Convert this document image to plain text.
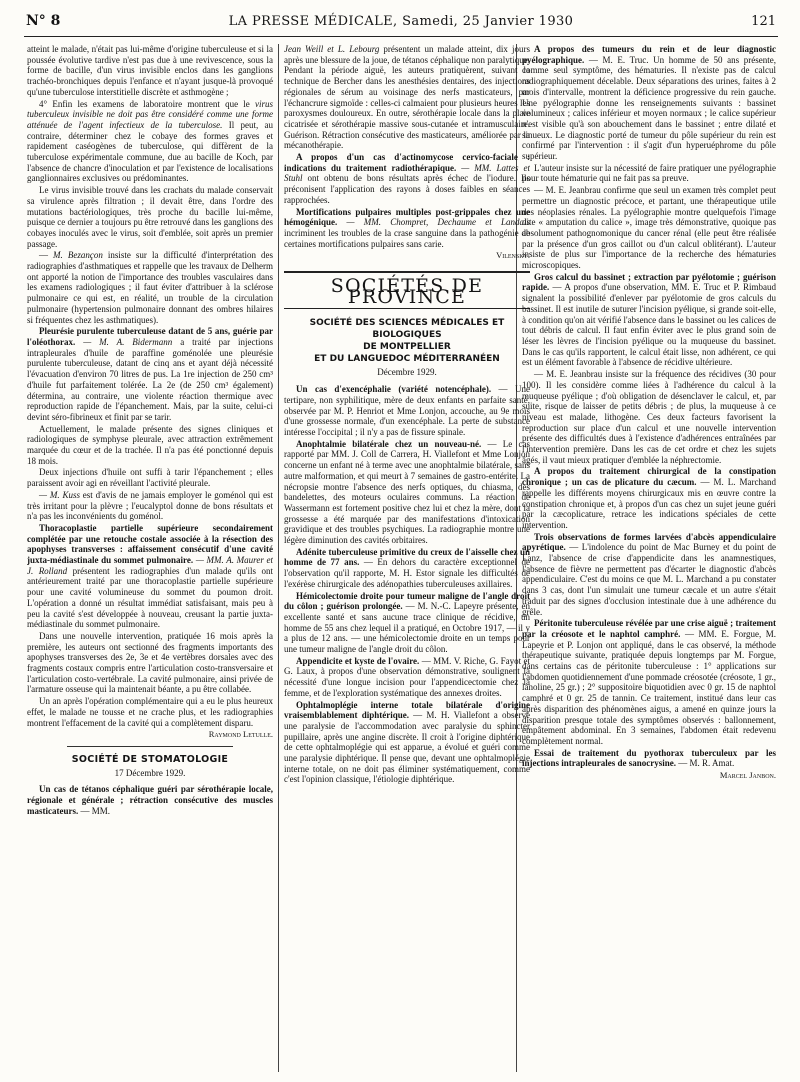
N° 8	LA PRESSE MÉDICALE, Samedi, 25 Janvier 1930	121

atteint le malade, n'était pas lui-même d'origine tuberculeuse et si la poussée évolutive tardive n'est pas due à une revivescence, sous la forme de bacille, d'un virus invisible enclos dans les ganglions trachéo-bronchiques depuis l'enfance et n'ayant jusque-là provoqué qu'une tuberculose interstitielle discrète et asthmogène ;

4° Enfin les examens de laboratoire montrent que le virus tuberculeux invisible ne doit pas être considéré comme une forme atténuée de l'agent infectieux de la tuberculose. Il peut, au contraire, déterminer chez le cobaye des formes graves et rapidement caséogènes de tuberculose, qui diffèrent de la tuberculose expérimentale commune, due au bacille de Koch, par l'absence de chancre d'inoculation et par l'existence de localisations ganglionnaires exclusives ou prédominantes.

Le virus invisible trouvé dans les crachats du malade conservait sa virulence après filtration ; il devait être, dans l'ordre des mutations bactériologiques, très proche du bacille lui-même, puisque ce dernier a toujours pu être retrouvé dans les ganglions des cobayes inoculés avec le virus, soit d'emblée, soit après un premier passage.

— M. Bezançon insiste sur la difficulté d'interprétation des radiographies d'asthmatiques et rappelle que les travaux de Delherm ont apporté la notion de l'importance des troubles vasculaires dans les examens radiologiques ; il faut éviter d'attribuer à la sclérose pulmonaire ce qui est, en réalité, un trouble de la circulation pulmonaire (hypertension pulmonaire donnant des ombres hilaires si fréquentes chez les asthmatiques).

Pleurésie purulente tuberculeuse datant de 5 ans, guérie par l'oléothorax. — M. A. Bidermann a traité par injections intrapleurales d'huile de paraffine goménolée une pleurésie purulente tuberculeuse, datant de cinq ans et ayant déjà nécessité l'évacuation d'environ 70 litres de pus. La 1re injection de 250 cm³ d'huile fut parfaitement tolérée. La 2e (de 250 cm³ également) détermina, au contraire, une violente réaction thermique avec reproduction rapide de l'épanchement. Mais, par la suite, celui-ci devint séro-fibrineux et finit par se tarir.

Actuellement, le malade présente des signes cliniques et radiologiques de symphyse pleurale, avec attraction extrêmement marquée du cœur et de la trachée. Il n'a pas été ponctionné depuis 18 mois.

Deux injections d'huile ont suffi à tarir l'épanchement ; elles paraissent avoir agi en réveillant l'activité pleurale.

— M. Kuss est d'avis de ne jamais employer le goménol qui est très irritant pour la plèvre ; l'eucalyptol donne de bons résultats et n'a pas les inconvénients du goménol.

Thoracoplastie partielle supérieure secondairement complétée par une retouche costale associée à la résection des apophyses transverses : affaissement consécutif d'une cavité juxta-médiastinale du sommet pulmonaire. — MM. A. Maurer et J. Rolland présentent les radiographies d'un malade qu'ils ont antérieurement traité par une thoracoplastie partielle supérieure pour une cavité volumineuse du sommet du poumon droit. L'opération a donné un résultat immédiat satisfaisant, mais peu à peu la cavité s'est développée à nouveau, creusant la partie juxta-médiastinale du sommet pulmonaire.

Dans une nouvelle intervention, pratiquée 16 mois après la première, les auteurs ont sectionné des fragments importants des apophyses transverses des 2e, 3e et 4e vertèbres dorsales avec des fragments costaux compris entre l'articulation costo-transversaire et l'articulation costo-vertébrale. La cavité pulmonaire, ainsi privée de l'armature osseuse qui la maintenait béante, a pu être collabée.

Un an après l'opération complémentaire qui a eu le plus heureux effet, le malade ne tousse et ne crache plus, et les radiographies montrent l'effacement de la cavité qui a complètement disparu.

Raymond Letulle.

SOCIÉTÉ DE STOMATOLOGIE
17 Décembre 1929.

Un cas de tétanos céphalique guéri par sérothérapie locale, régionale et générale ; rétraction consécutive des muscles masticateurs. — MM.

Jean Weill et L. Lebourg présentent un malade atteint, dix jours après une blessure de la joue, de tétanos céphalique non paralytique. Pendant la période aiguë, les auteurs pratiquèrent, suivant la technique de Bercher dans les anesthésies dentaires, des injections régionales de sérum au voisinage des nerfs masticateurs, par l'échancrure sigmoïde : celles-ci calmaient pour plusieurs heures les paroxysmes douloureux. En outre, sérothérapie locale dans la plaie cicatrisée et sérothérapie massive sous-cutanée et intramusculaire. Guérison. Rétraction consécutive des masticateurs, améliorée par la mécanothérapie.

A propos d'un cas d'actinomycose cervico-faciale : indications du traitement radiothérapique. — MM. Lattes et Stuhl ont obtenu de bons résultats après échec de l'iodure. Ils préconisent l'application des rayons à doses faibles en séances rapprochées.

Mortifications pulpaires multiples post-grippales chez une hémogénique. — MM. Chompret, Dechaume et Landais incriminent les troubles de la crase sanguine dans la pathogénie de certaines mortifications pulpaires sans carie.

Vilensky.

SOCIÉTÉS DE PROVINCE
SOCIÉTÉ DES SCIENCES MÉDICALES ET BIOLOGIQUES
DE MONTPELLIER
ET DU LANGUEDOC MÉDITERRANÉEN
Décembre 1929.

Un cas d'exencéphalie (variété notencéphale). — Une tertipare, non syphilitique, mère de deux enfants en parfaite santé, observée par M. P. Henriot et Mme Lonjon, accouche, au 9e mois d'une grossesse normale, d'un exencéphale. La perte de substance intéresse l'occipital ; il n'y a pas de fissure spinale.

Anophtalmie bilatérale chez un nouveau-né. — Le cas rapporté par MM. J. Coll de Carrera, H. Viallefont et Mme Lonjon concerne un enfant né à terme avec une anophtalmie bilatérale, sans autre malformation, et qui meurt à 7 semaines de gastro-entérite. La nécropsie montre l'absence des nerfs optiques, du chiasma, des bandelettes, des moteurs oculaires communs. La réaction de Wassermann est fortement positive chez lui et chez la mère, dont la grossesse a été marquée par des manifestations d'intoxication gravidique et des troubles psychiques. La radiographie montre une légère diminution des cavités orbitaires.

Adénite tuberculeuse primitive du creux de l'aisselle chez un homme de 77 ans. — En dehors du caractère exceptionnel de l'observation qu'il rapporte, M. H. Estor signale les difficultés de l'exérèse chirurgicale des adénopathies tuberculeuses axillaires.

Hémicolectomie droite pour tumeur maligne de l'angle droit du côlon ; guérison prolongée. — M. N.-C. Lapeyre présente, en excellente santé et sans aucune trace clinique de récidive, un homme de 55 ans chez lequel il a pratiqué, en Octobre 1917, — il y a plus de 12 ans. — une hémicolectomie droite en un temps pour une tumeur maligne de l'angle droit du côlon.

Appendicite et kyste de l'ovaire. — MM. V. Riche, G. Fayot et G. Laux, à propos d'une observation démonstrative, soulignent la nécessité d'une longue incision pour l'appendicectomie chez la femme, et de l'exploration systématique des annexes droites.

Ophtalmoplégie interne totale bilatérale d'origine vraisemblablement diphtérique. — M. H. Viallefont a observé une paralysie de l'accommodation avec paralysie du sphincter pupillaire, après une angine discrète. Il croit à l'origine diphtérique de cette ophtalmoplégie qui est apparue, a évolué et guéri comme une paralysie diphtérique. Il pense que, devant une ophtalmoplégie interne totale, on ne doit pas éliminer systématiquement, comme c'est l'opinion classique, l'étiologie diphtérique.

A propos des tumeurs du rein et de leur diagnostic pyélographique. — M. E. Truc. Un homme de 50 ans présente, comme seul symptôme, des hématuries. Il n'existe pas de calcul radiographiquement décelable. Deux séparations des urines, faites à 2 mois d'intervalle, montrent la déficience progressive du rein gauche. Une pyélographie donne les renseignements suivants : bassinet volumineux ; calices inférieur et moyen normaux ; le calice supérieur n'est visible qu'à son abouchement dans le bassinet ; entre dilaté et sinueux. Le diagnostic porté de tumeur du pôle supérieur du rein est confirmé par l'intervention : il s'agit d'un hyperuéphrome du pôle supérieur.

L'auteur insiste sur la nécessité de faire pratiquer une pyélographie pour toute hématurie qui ne fait pas sa preuve.

— M. E. Jeanbrau confirme que seul un examen très complet peut permettre un diagnostic précoce, et partant, une thérapeutique utile des néoplasies rénales. La pyélographie montre quelquefois l'image dite « amputation du calice », image très démonstrative, quoique pas absolument pathognomonique du cancer rénal (elle peut être réalisée par la présence d'un gros caillot ou d'un calcul oblitérant). L'auteur insiste de plus sur l'importance de la recherche des hématuries microscopiques.

Gros calcul du bassinet ; extraction par pyélotomie ; guérison rapide. — A propos d'une observation, MM. E. Truc et P. Rimbaud signalent la possibilité d'enlever par pyélotomie de gros calculs du bassinet. Il est inutile de suturer l'incision pyélique, si grande soit-elle, à condition qu'on ait vérifié l'absence dans le bassinet ou les calices de tout débris de calcul. Il faut enfin éviter avec le plus grand soin de léser les lèvres de l'incision pyélique ou la muqueuse du bassinet. Dans le cas qu'ils rapportent, le calcul était lisse, non adhérent, ce qui est un élément favorable à l'absence de récidive ultérieure.

— M. E. Jeanbrau insiste sur la fréquence des récidives (30 pour 100). Il les considère comme liées à l'adhérence du calcul à la muqueuse pyélique ; d'où obligation de désenclaver le calcul, et, par suite, risque de laisser de petits débris ; de plus, la muqueuse à ce niveau est malade, lithogène. Ces deux facteurs favorisent la reproduction sur place d'un calcul et une nouvelle intervention présente des difficultés dues à l'existence d'adhérences entraînées par l'intervention première. Dans les cas de cet ordre et chez les sujets âgés, il vaut mieux pratiquer d'emblée la néphrectomie.

A propos du traitement chirurgical de la constipation chronique ; un cas de plicature du cæcum. — M. L. Marchand rappelle les différents moyens chirurgicaux mis en œuvre contre la constipation chronique et, à propos d'un cas chez un sujet jeune guéri par la cæcoplicature, retrace les indications spéciales de cette intervention.

Trois observations de formes larvées d'abcès appendiculaire apyrétique. — L'indolence du point de Mac Burney et du point de Lanz, l'absence de crise d'appendicite dans les anamnestiques, l'absence de fièvre ne permettent pas d'écarter le diagnostic d'abcès appendiculaire. C'est du moins ce que M. L. Marchand a pu constater dans 3 cas, dont l'un simulait une tumeur cæcale et un autre s'était traduit par des signes d'occlusion intestinale due à une adhérence du grêle.

Péritonite tuberculeuse révélée par une crise aiguë ; traitement par la créosote et le naphtol camphré. — MM. E. Forgue, M. Lapeyrie et P. Lonjon ont appliqué, dans le cas observé, la méthode thérapeutique suivante, pratiquée depuis longtemps par M. Forgue, dans certains cas de péritonite tuberculeuse : 1° applications sur l'abdomen quotidiennement d'une pommade créosotée (créosote, 1 gr., lanoline, 25 gr.) ; 2° suppositoire biquotidien avec 0 gr. 15 de naphtol camphré et 0 gr. 25 de tannin. Ce traitement, institué dans leur cas après disparition des phénomènes aigus, a amené en quinze jours la disparition presque totale des symptômes observés : ballonnement, empâtement abdominal. En 3 semaines, l'abdomen était redevenu complètement normal.

Essai de traitement du pyothorax tuberculeux par les injections intrapleurales de sanocrysine. — M. R. Amat.

Marcel Janbon.
